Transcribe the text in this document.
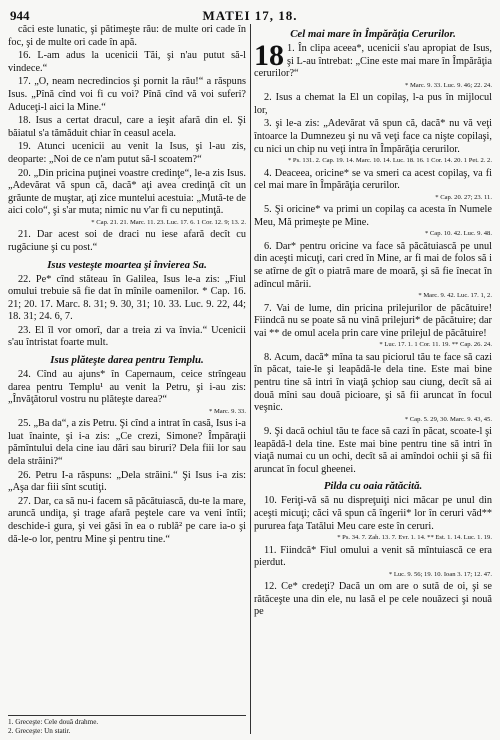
944	MATEI 17, 18.

căci este lunatic, şi pătimeşte rău: de multe ori cade în foc, şi de multe ori cade în apă.

16. L-am adus la ucenicii Tăi, şi n'au putut să-l vindece.“

17. „O, neam necredincios şi pornit la rău!“ a răspuns Isus. „Pînă cînd voi fi cu voi? Pînă cînd vă voi suferi? Aduceţi-l aici la Mine.“

18. Isus a certat dracul, care a ieşit afară din el. Şi băiatul s'a tămăduit chiar în ceasul acela.

19. Atunci ucenicii au venit la Isus, şi l-au zis, deoparte: „Noi de ce n'am putut să-l scoatem?“

20. „Din pricina puţinei voastre credinţe“, le-a zis Isus. „Adevărat vă spun că, dacă* aţi avea credinţă cît un grăunte de muştar, aţi zice muntelui acestuia: „Mută-te de aici colo“, şi s'ar muta; nimic nu v'ar fi cu neputinţă.

* Cap. 21. 21. Marc. 11. 23. Luc. 17. 6. 1 Cor. 12. 9; 13. 2.

21. Dar acest soi de draci nu iese afară decît cu rugăciune şi cu post.“

Isus vesteşte moartea şi învierea Sa.

22. Pe* cînd stăteau în Galilea, Isus le-a zis: „Fiul omului trebuie să fie dat în mînile oamenilor. * Cap. 16. 21; 20. 17. Marc. 8. 31; 9. 30, 31; 10. 33. Luc. 9. 22, 44; 18. 31; 24. 6, 7.

23. El îl vor omorî, dar a treia zi va învia.“ Ucenicii s'au întristat foarte mult.

Isus plăteşte darea pentru Templu.

24. Cînd au ajuns* în Capernaum, ceice strîngeau darea pentru Templu¹ au venit la Petru, şi i-au zis: „Învăţătorul vostru nu plăteşte darea?“

* Marc. 9. 33.

25. „Ba da“, a zis Petru. Şi cînd a intrat în casă, Isus i-a luat înainte, şi i-a zis: „Ce crezi, Simone? Împăraţii pămîntului dela cine iau dări sau biruri? Dela fiii lor sau dela străini?“

26. Petru I-a răspuns: „Dela străini.“ Şi Isus i-a zis: „Aşa dar fiii sînt scutiţi.

27. Dar, ca să nu-i facem să păcătuiască, du-te la mare, aruncă undiţa, şi trage afară peştele care va veni întîi; deschide-i gura, şi vei găsi în ea o rublă² pe care ia-o şi dă-le-o lor, pentru Mine şi pentru tine.“

1. Greceşte: Cele două drahme.

2. Greceşte: Un statir.

Cel mai mare în Împărăţia Cerurilor.

18 1. În clipa aceea*, ucenicii s'au apropiat de Isus, şi L-au întrebat: „Cine este mai mare în Împărăţia cerurilor?“

* Marc. 9. 33. Luc. 9. 46; 22. 24.

2. Isus a chemat la El un copilaş, l-a pus în mijlocul lor,

3. şi le-a zis: „Adevărat vă spun că, dacă* nu vă veţi întoarce la Dumnezeu şi nu vă veţi face ca nişte copilaşi, cu nici un chip nu veţi intra în Împărăţia cerurilor.

* Ps. 131. 2. Cap. 19. 14. Marc. 10. 14. Luc. 18. 16. 1 Cor. 14. 20. 1 Pet. 2. 2.

4. Deaceea, oricine* se va smeri ca acest copilaş, va fi cel mai mare în Împărăţia cerurilor.

* Cap. 20. 27; 23. 11.

5. Şi oricine* va primi un copilaş ca acesta în Numele Meu, Mă primeşte pe Mine.

* Cap. 10. 42. Luc. 9. 48.

6. Dar* pentru oricine va face să păcătuiască pe unul din aceşti micuţi, cari cred în Mine, ar fi mai de folos să i se atîrne de gît o piatră mare de moară, şi să fie înecat în adîncul mării.

* Marc. 9. 42. Luc. 17. 1, 2.

7. Vai de lume, din pricina prilejurilor de păcătuire! Fiindcă nu se poate să nu vină prilejuri* de păcătuire; dar vai ** de omul acela prin care vine prilejul de păcătuire!

* Luc. 17. 1. 1 Cor. 11. 19. ** Cap. 26. 24.

8. Acum, dacă* mîna ta sau piciorul tău te face să cazi în păcat, taie-le şi leapădă-le dela tine. Este mai bine pentru tine să intri în viaţă şchiop sau ciung, decît să ai două mîni sau două picioare, şi să fii aruncat în focul veşnic.

* Cap. 5. 29, 30. Marc. 9. 43, 45.

9. Şi dacă ochiul tău te face să cazi în păcat, scoate-l şi leapădă-l dela tine. Este mai bine pentru tine să intri în viaţă numai cu un ochi, decît să ai amîndoi ochii şi să fii aruncat în focul gheenei.

Pilda cu oaia rătăcită.

10. Feriţi-vă să nu dispreţuiţi nici măcar pe unul din aceşti micuţi; căci vă spun că îngerii* lor în ceruri văd** pururea faţa Tatălui Meu care este în ceruri.

* Ps. 34. 7. Zah. 13. 7. Evr. 1. 14. ** Est. 1. 14. Luc. 1. 19.

11. Fiindcă* Fiul omului a venit să mîntuiască ce era pierdut.

* Luc. 9. 56; 19. 10. Ioan 3. 17; 12. 47.

12. Ce* credeţi? Dacă un om are o sută de oi, şi se rătăceşte una din ele, nu lasă el pe cele nouăzeci şi nouă pe
